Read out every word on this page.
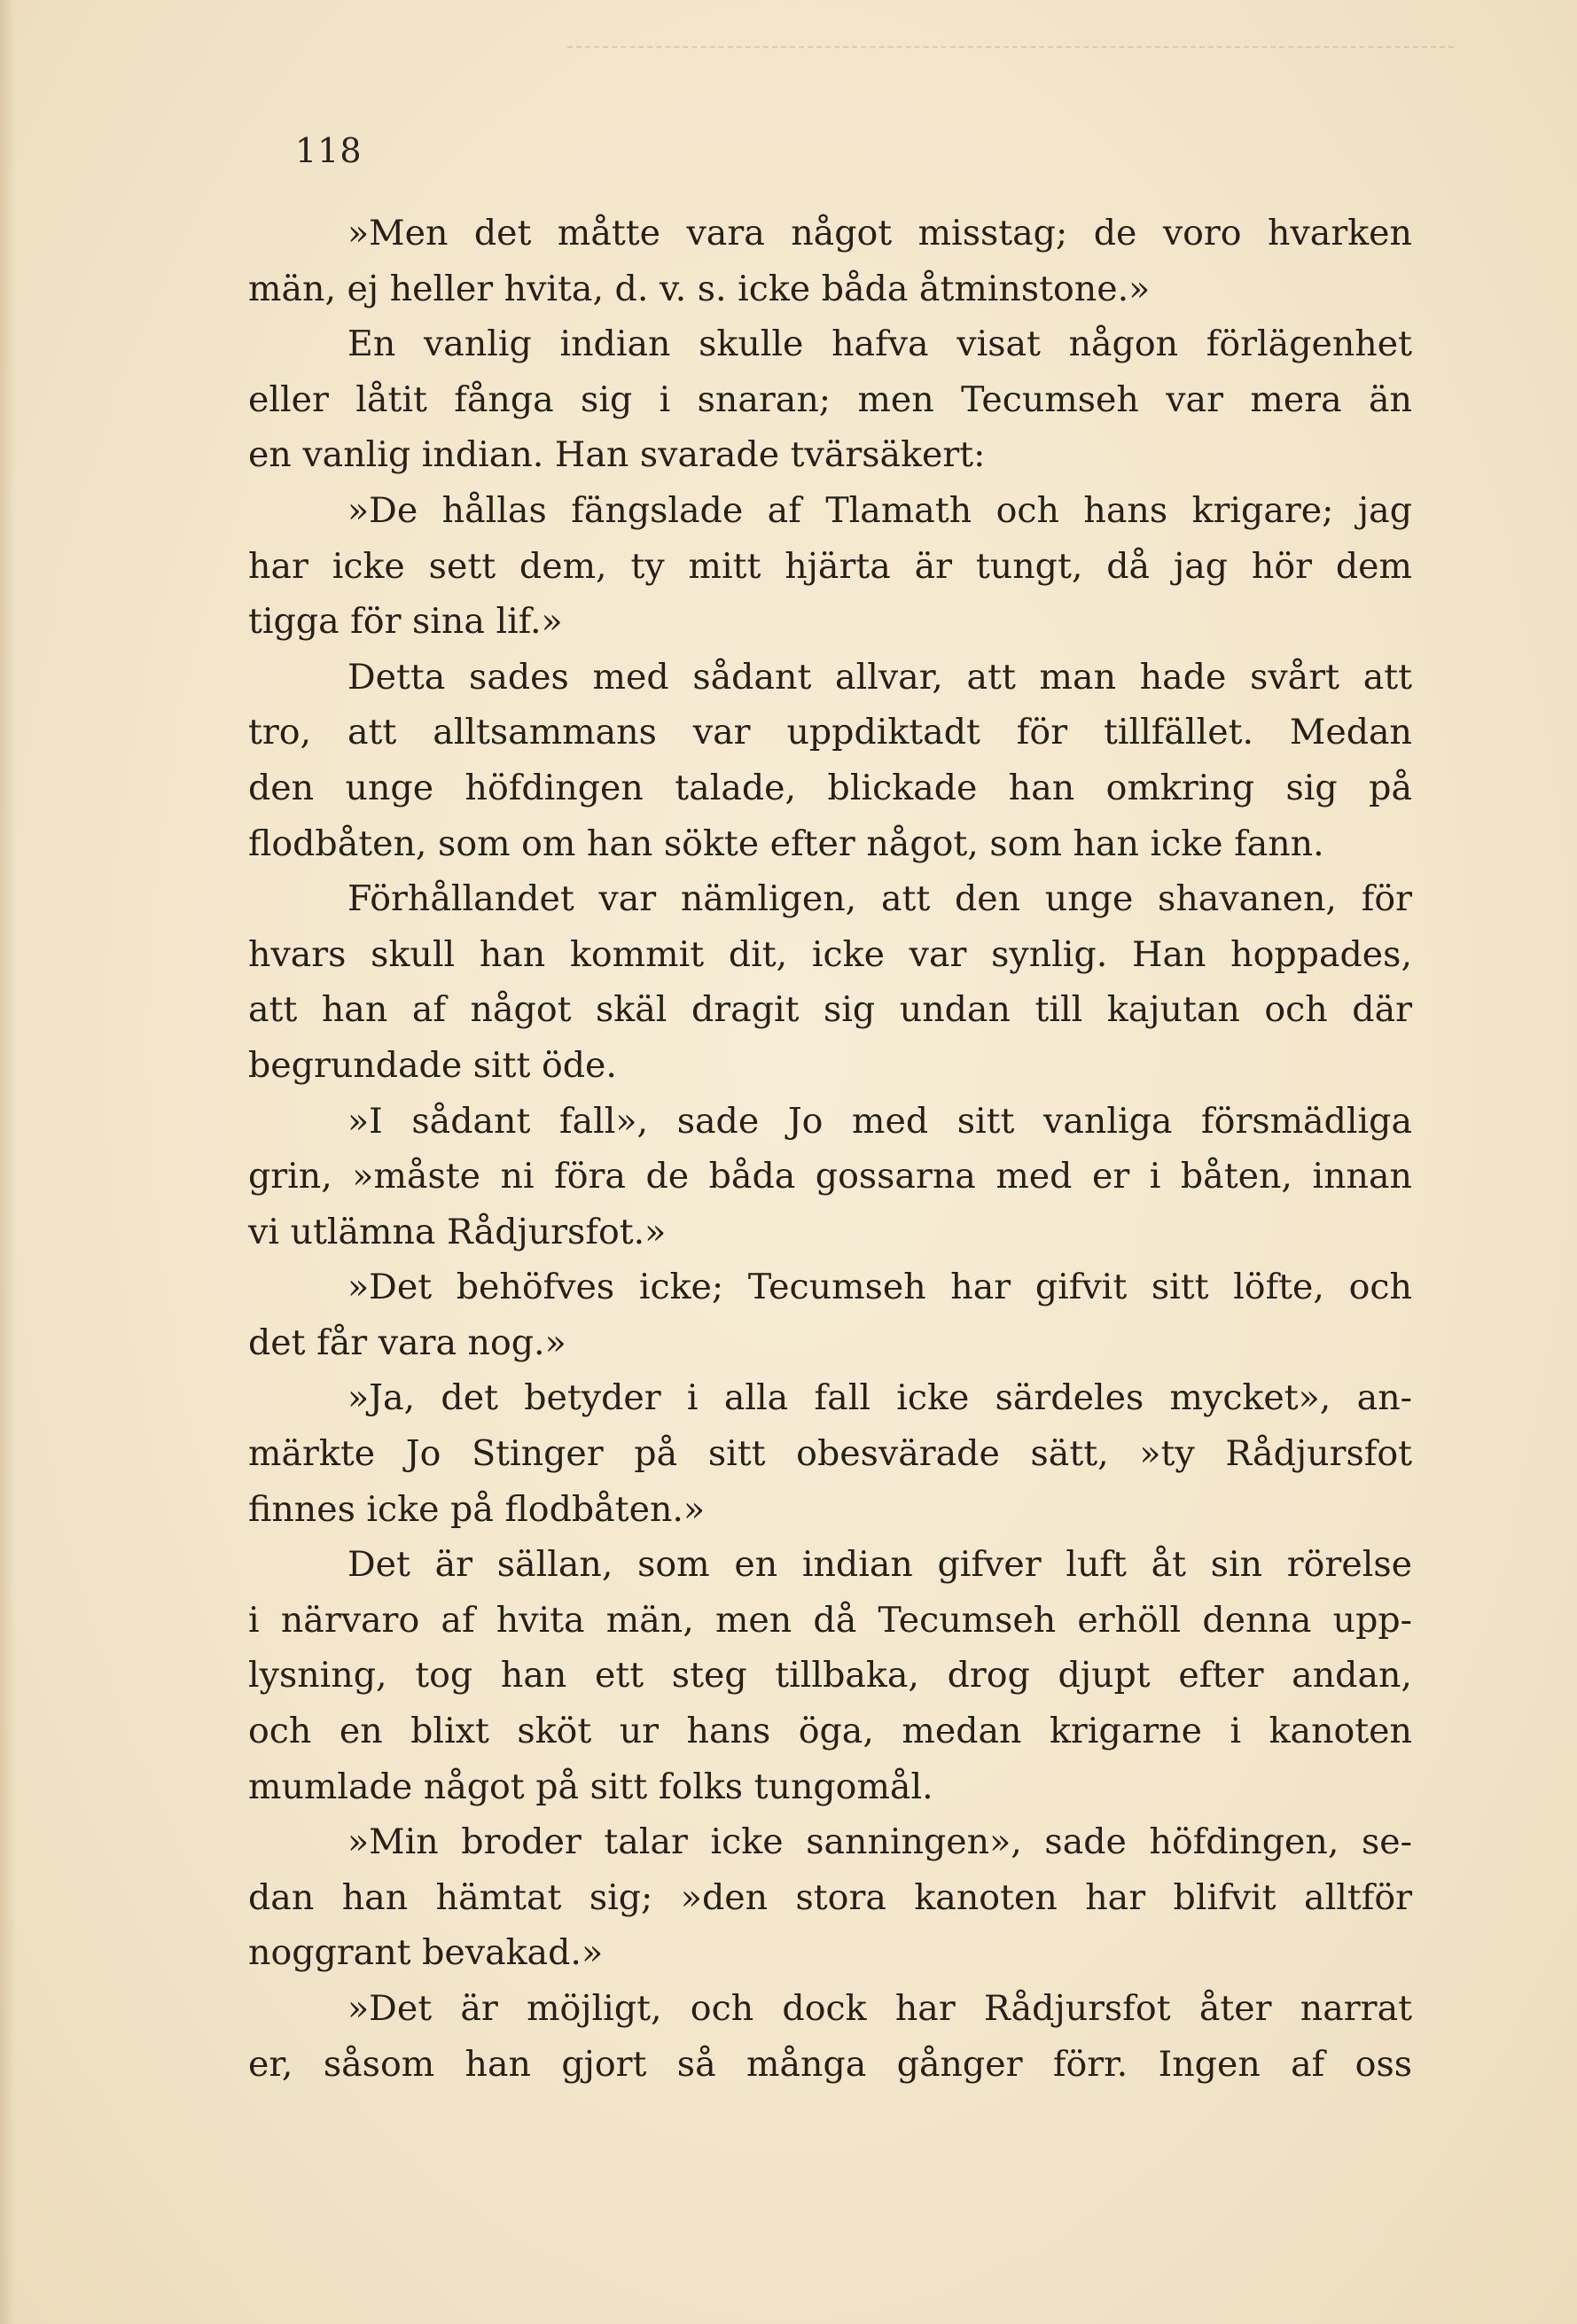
118
»Men det måtte vara något misstag; de voro hvarken
män, ej heller hvita, d. v. s. icke båda åtminstone.»
En vanlig indian skulle hafva visat någon förlägenhet
eller låtit fånga sig i snaran; men Tecumseh var mera än
en vanlig indian. Han svarade tvärsäkert:
»De hållas fängslade af Tlamath och hans krigare; jag
har icke sett dem, ty mitt hjärta är tungt, då jag hör dem
tigga för sina lif.»
Detta sades med sådant allvar, att man hade svårt att
tro, att alltsammans var uppdiktadt för tillfället. Medan
den unge höfdingen talade, blickade han omkring sig på
flodbåten, som om han sökte efter något, som han icke fann.
Förhållandet var nämligen, att den unge shavanen, för
hvars skull han kommit dit, icke var synlig. Han hoppades,
att han af något skäl dragit sig undan till kajutan och där
begrundade sitt öde.
»I sådant fall», sade Jo med sitt vanliga försmädliga
grin, »måste ni föra de båda gossarna med er i båten, innan
vi utlämna Rådjursfot.»
»Det behöfves icke; Tecumseh har gifvit sitt löfte, och
det får vara nog.»
»Ja, det betyder i alla fall icke särdeles mycket», an-
märkte Jo Stinger på sitt obesvärade sätt, »ty Rådjursfot
finnes icke på flodbåten.»
Det är sällan, som en indian gifver luft åt sin rörelse
i närvaro af hvita män, men då Tecumseh erhöll denna upp-
lysning, tog han ett steg tillbaka, drog djupt efter andan,
och en blixt sköt ur hans öga, medan krigarne i kanoten
mumlade något på sitt folks tungomål.
»Min broder talar icke sanningen», sade höfdingen, se-
dan han hämtat sig; »den stora kanoten har blifvit alltför
noggrant bevakad.»
»Det är möjligt, och dock har Rådjursfot åter narrat
er, såsom han gjort så många gånger förr. Ingen af oss
